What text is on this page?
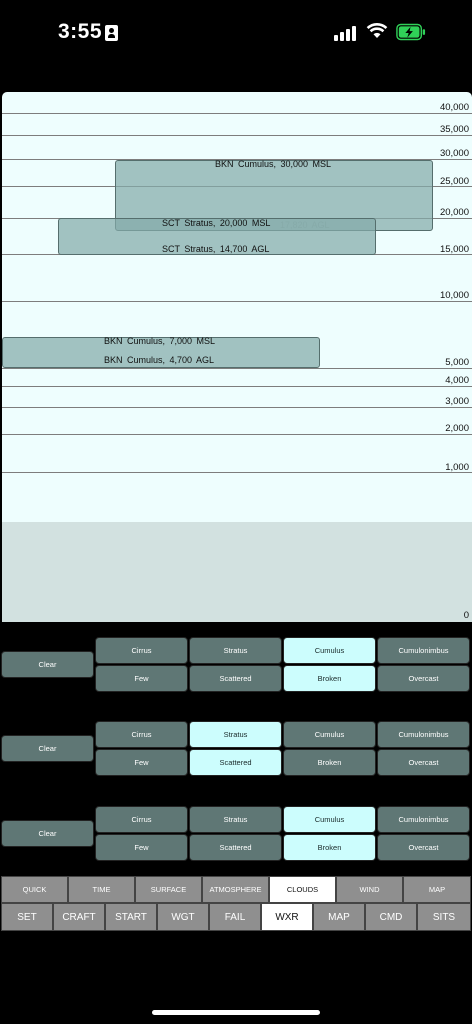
3:55
40,000
35,000
30,000
25,000
20,000
15,000
10,000
5,000
4,000
3,000
2,000
1,000
0
BKN Cumulus, 30,000 MSL
SCT Stratus, 20,000 MSL
SCT Stratus, 14,700 AGL
BKN Cumulus, 7,000 MSL
BKN Cumulus, 4,700 AGL
Clear
Cirrus	Stratus	Cumulus	Cumulonimbus
Few	Scattered	Broken	Overcast
Clear
Cirrus	Stratus	Cumulus	Cumulonimbus
Few	Scattered	Broken	Overcast
Clear
Cirrus	Stratus	Cumulus	Cumulonimbus
Few	Scattered	Broken	Overcast
QUICK	TIME	SURFACE	ATMOSPHERE	CLOUDS	WIND	MAP
SET	CRAFT	START	WGT	FAIL	WXR	MAP	CMD	SITS
